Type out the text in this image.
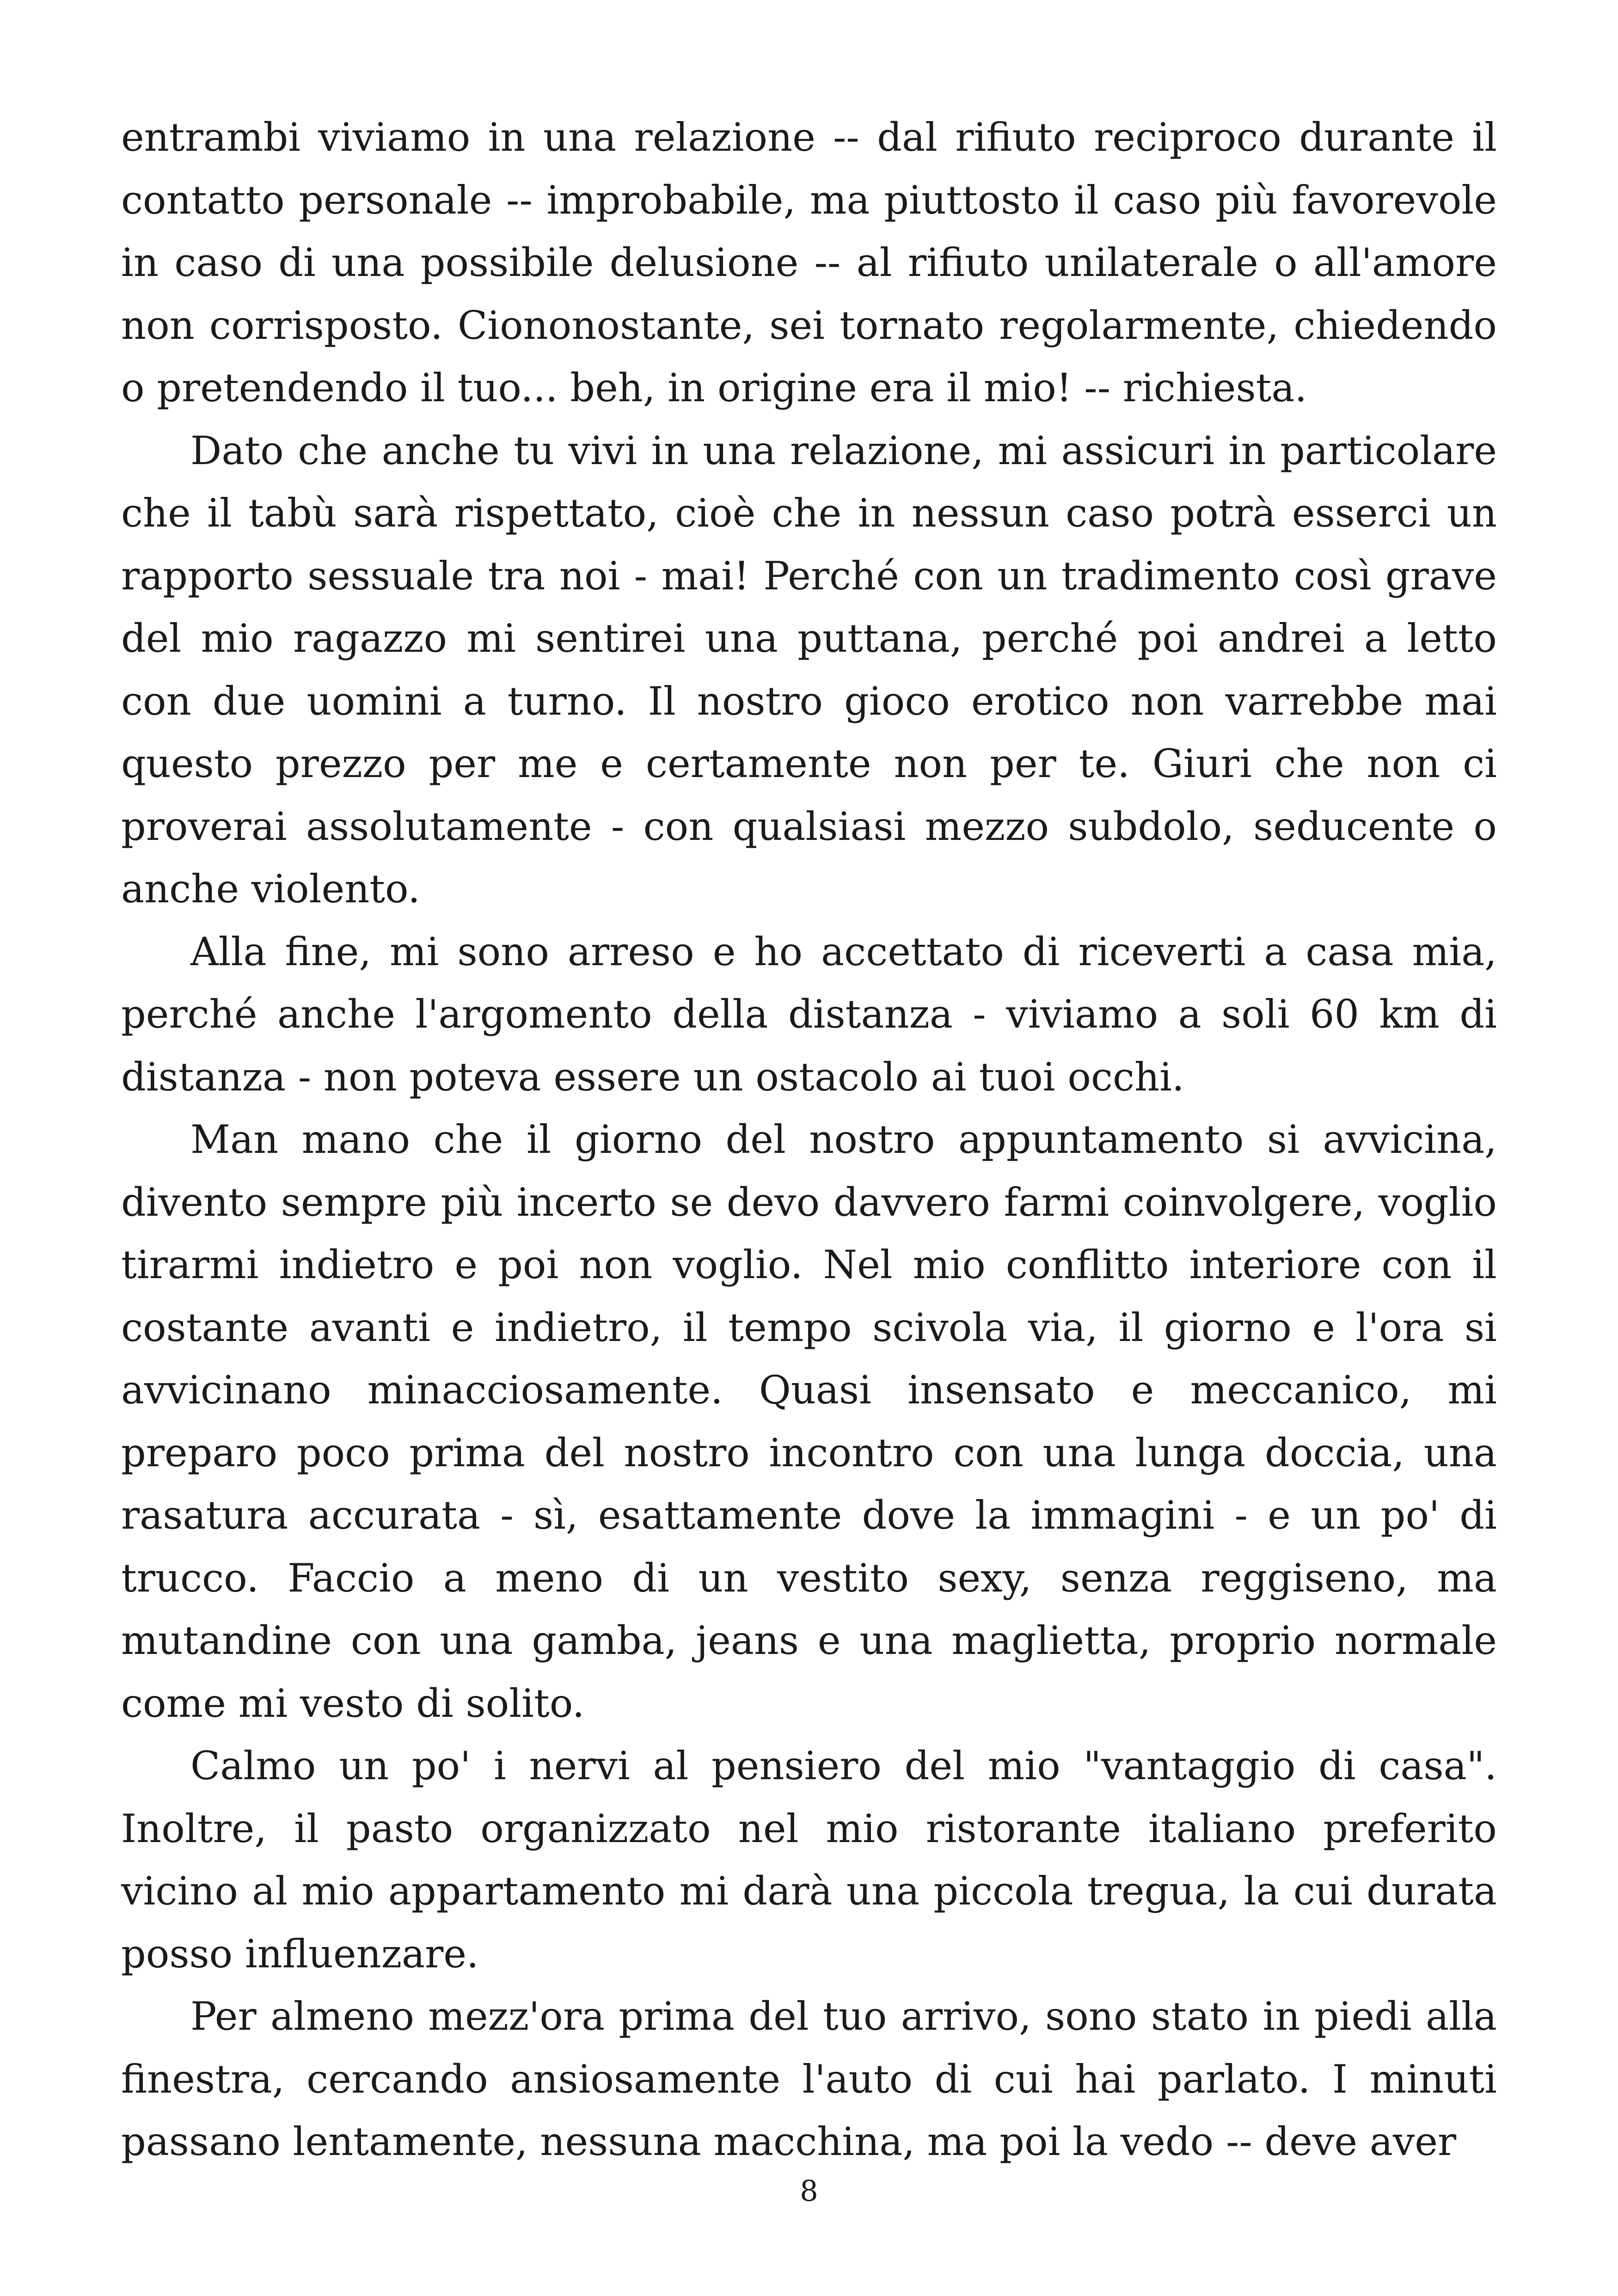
entrambi viviamo in una relazione -- dal rifiuto reciproco durante il contatto personale -- improbabile, ma piuttosto il caso più favorevole in caso di una possibile delusione -- al rifiuto unilaterale o all'amore non corrisposto. Ciononostante, sei tornato regolarmente, chiedendo o pretendendo il tuo... beh, in origine era il mio! -- richiesta.

Dato che anche tu vivi in una relazione, mi assicuri in particolare che il tabù sarà rispettato, cioè che in nessun caso potrà esserci un rapporto sessuale tra noi - mai! Perché con un tradimento così grave del mio ragazzo mi sentirei una puttana, perché poi andrei a letto con due uomini a turno. Il nostro gioco erotico non varrebbe mai questo prezzo per me e certamente non per te. Giuri che non ci proverai assolutamente - con qualsiasi mezzo subdolo, seducente o anche violento.

Alla fine, mi sono arreso e ho accettato di riceverti a casa mia, perché anche l'argomento della distanza - viviamo a soli 60 km di distanza - non poteva essere un ostacolo ai tuoi occhi.

Man mano che il giorno del nostro appuntamento si avvicina, divento sempre più incerto se devo davvero farmi coinvolgere, voglio tirarmi indietro e poi non voglio. Nel mio conflitto interiore con il costante avanti e indietro, il tempo scivola via, il giorno e l'ora si avvicinano minacciosamente. Quasi insensato e meccanico, mi preparo poco prima del nostro incontro con una lunga doccia, una rasatura accurata - sì, esattamente dove la immagini - e un po' di trucco. Faccio a meno di un vestito sexy, senza reggiseno, ma mutandine con una gamba, jeans e una maglietta, proprio normale come mi vesto di solito.

Calmo un po' i nervi al pensiero del mio "vantaggio di casa". Inoltre, il pasto organizzato nel mio ristorante italiano preferito vicino al mio appartamento mi darà una piccola tregua, la cui durata posso influenzare.

Per almeno mezz'ora prima del tuo arrivo, sono stato in piedi alla finestra, cercando ansiosamente l'auto di cui hai parlato. I minuti passano lentamente, nessuna macchina, ma poi la vedo -- deve aver

8
